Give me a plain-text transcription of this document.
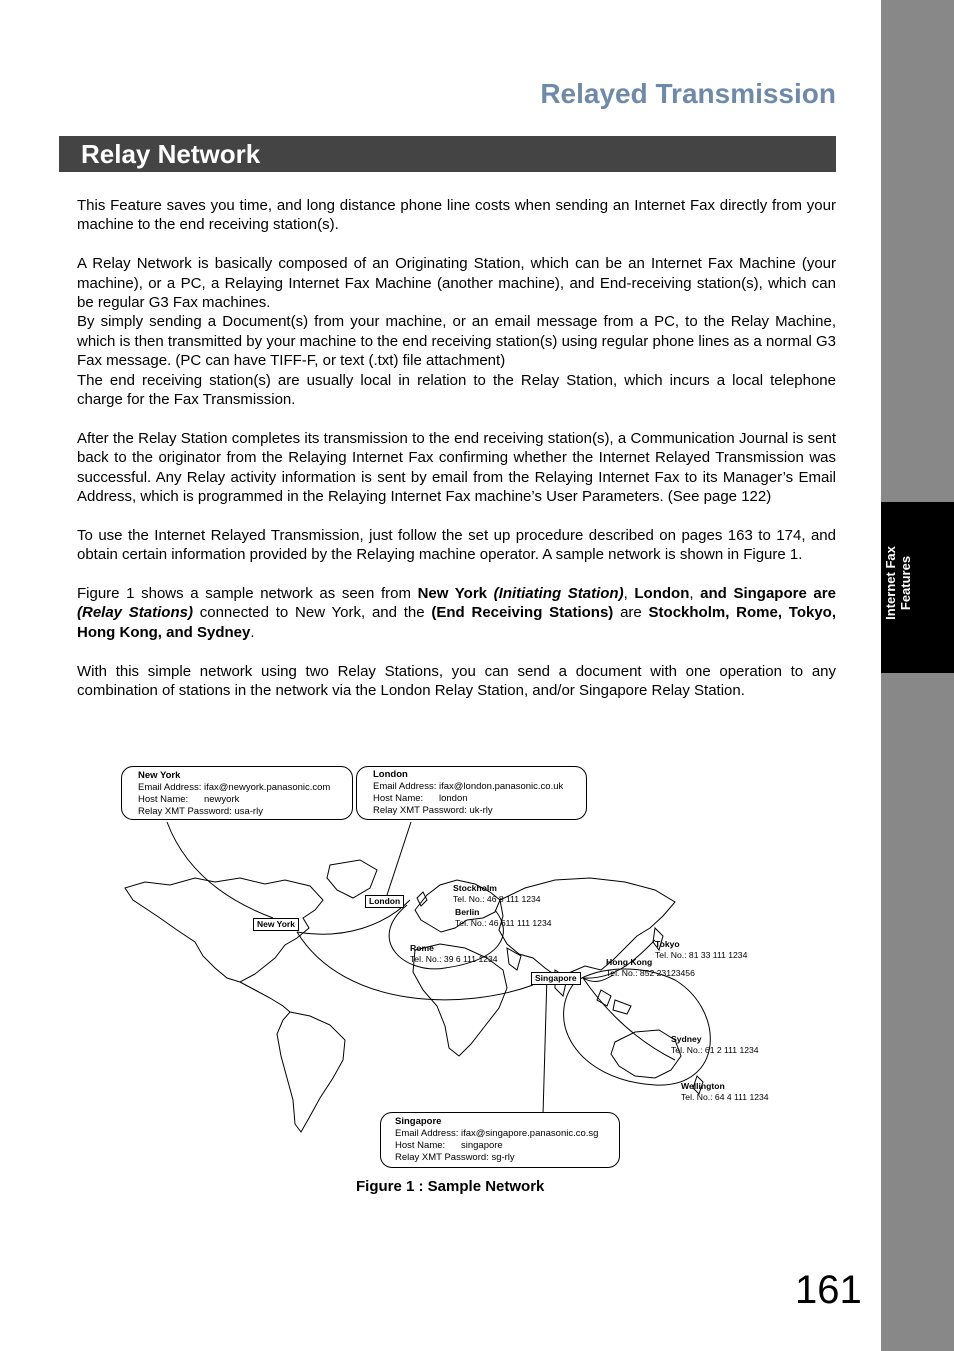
Internet Fax Features
Relayed Transmission
Relay Network

This Feature saves you time, and long distance phone line costs when sending an Internet Fax directly from your machine to the end receiving station(s).

A Relay Network is basically composed of an Originating Station, which can be an Internet Fax Machine (your machine), or a PC, a Relaying Internet Fax Machine (another machine), and End-receiving station(s), which can be regular G3 Fax machines.

By simply sending a Document(s) from your machine, or an email message from a PC, to the Relay Machine, which is then transmitted by your machine to the end receiving station(s) using regular phone lines as a normal G3 Fax message. (PC can have TIFF-F, or text (.txt) file attachment)

The end receiving station(s) are usually local in relation to the Relay Station, which incurs a local telephone charge for the Fax Transmission.

After the Relay Station completes its transmission to the end receiving station(s), a Communication Journal is sent back to the originator from the Relaying Internet Fax confirming whether the Internet Relayed Transmission was successful. Any Relay activity information is sent by email from the Relaying Internet Fax to its Manager’s Email Address, which is programmed in the Relaying Internet Fax machine’s User Parameters. (See page 122)

To use the Internet Relayed Transmission, just follow the set up procedure described on pages 163 to 174, and obtain certain information provided by the Relaying machine operator. A sample network is shown in Figure 1.

Figure 1 shows a sample network as seen from New York (Initiating Station), London, and Singapore are (Relay Stations) connected to New York, and the (End Receiving Stations) are Stockholm, Rome, Tokyo, Hong Kong, and Sydney.

With this simple network using two Relay Stations, you can send a document with one operation to any combination of stations in the network via the London Relay Station, and/or Singapore Relay Station.

New York
Email Address: ifax@newyork.panasonic.com
Host Name:      newyork
Relay XMT Password: usa-rly
London
Email Address: ifax@london.panasonic.co.uk
Host Name:      london
Relay XMT Password: uk-rly
Singapore
Email Address: ifax@singapore.panasonic.co.sg
Host Name:      singapore
Relay XMT Password: sg-rly
New York
London
Singapore
Stockholm
Tel. No.: 46 8 111 1234
Berlin
Tel. No.: 46 611 111 1234
Rome
Tel. No.: 39 6 111 1234
Tokyo
Tel. No.: 81 33 111 1234
Hong Kong
Tel. No.: 852 23123456
Sydney
Tel. No.: 61 2 111 1234
Wellington
Tel. No.: 64 4 111 1234
Figure 1 : Sample Network
161
